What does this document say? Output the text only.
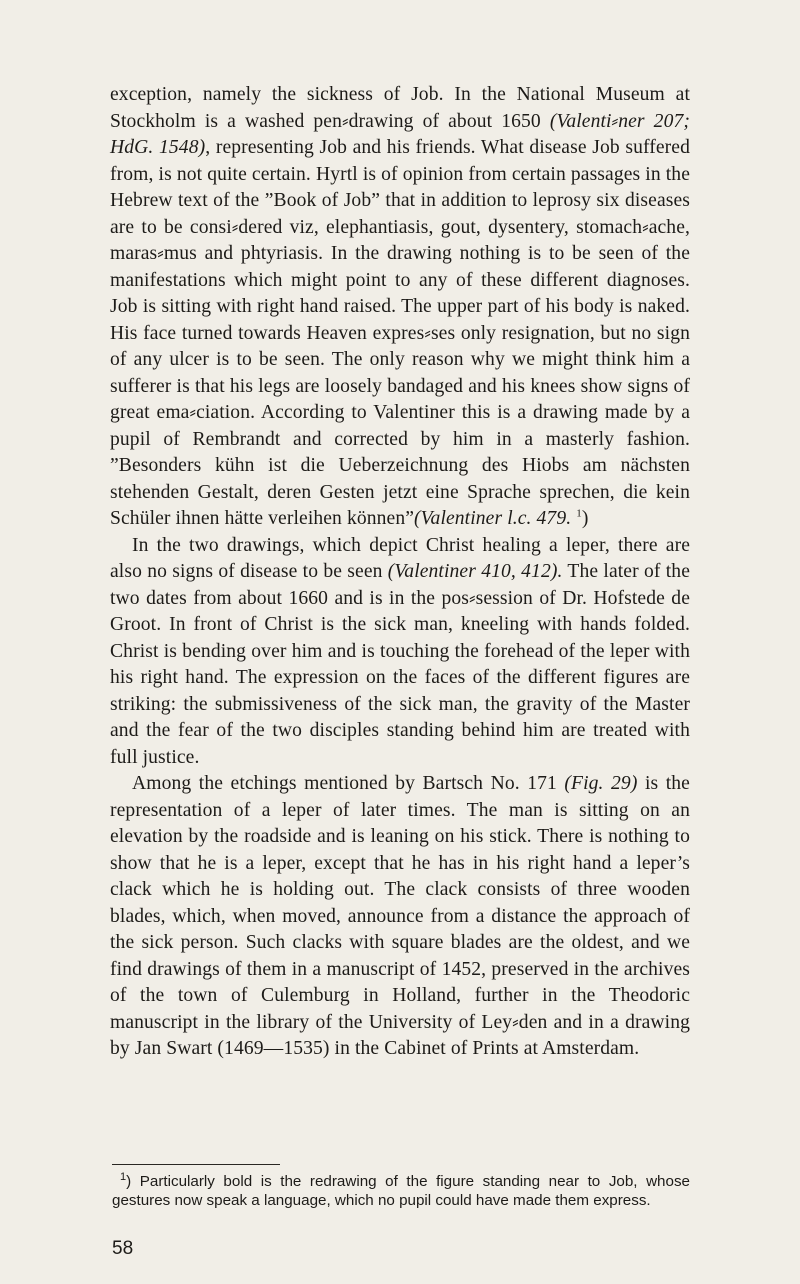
exception, namely the sickness of Job. In the National Museum at Stockholm is a washed pen⸗drawing of about 1650 (Valenti⸗ner 207; HdG. 1548), representing Job and his friends. What disease Job suffered from, is not quite certain. Hyrtl is of opinion from certain passages in the Hebrew text of the ”Book of Job” that in addition to leprosy six diseases are to be consi⸗dered viz, elephantiasis, gout, dysentery, stomach⸗ache, maras⸗mus and phtyriasis. In the drawing nothing is to be seen of the manifestations which might point to any of these different diagnoses. Job is sitting with right hand raised. The upper part of his body is naked. His face turned towards Heaven expres⸗ses only resignation, but no sign of any ulcer is to be seen. The only reason why we might think him a sufferer is that his legs are loosely bandaged and his knees show signs of great ema⸗ciation. According to Valentiner this is a drawing made by a pupil of Rembrandt and corrected by him in a masterly fashion. ”Besonders kühn ist die Ueberzeichnung des Hiobs am nächsten stehenden Gestalt, deren Gesten jetzt eine Sprache sprechen, die kein Schüler ihnen hätte verleihen können”(Valentiner l.c. 479. $^1$)

In the two drawings, which depict Christ healing a leper, there are also no signs of disease to be seen (Valentiner 410, 412). The later of the two dates from about 1660 and is in the pos⸗session of Dr. Hofstede de Groot. In front of Christ is the sick man, kneeling with hands folded. Christ is bending over him and is touching the forehead of the leper with his right hand. The expression on the faces of the different figures are striking: the submissiveness of the sick man, the gravity of the Master and the fear of the two disciples standing behind him are treated with full justice.

Among the etchings mentioned by Bartsch No. 171 (Fig. 29) is the representation of a leper of later times. The man is sitting on an elevation by the roadside and is leaning on his stick. There is nothing to show that he is a leper, except that he has in his right hand a leper’s clack which he is holding out. The clack consists of three wooden blades, which, when moved, announce from a distance the approach of the sick person. Such clacks with square blades are the oldest, and we find drawings of them in a manuscript of 1452, preserved in the archives of the town of Culemburg in Holland, further in the Theodoric manuscript in the library of the University of Ley⸗den and in a drawing by Jan Swart (1469—1535) in the Cabinet of Prints at Amsterdam.

$^1$) Particularly bold is the redrawing of the figure standing near to Job, whose gestures now speak a language, which no pupil could have made them express.
58
